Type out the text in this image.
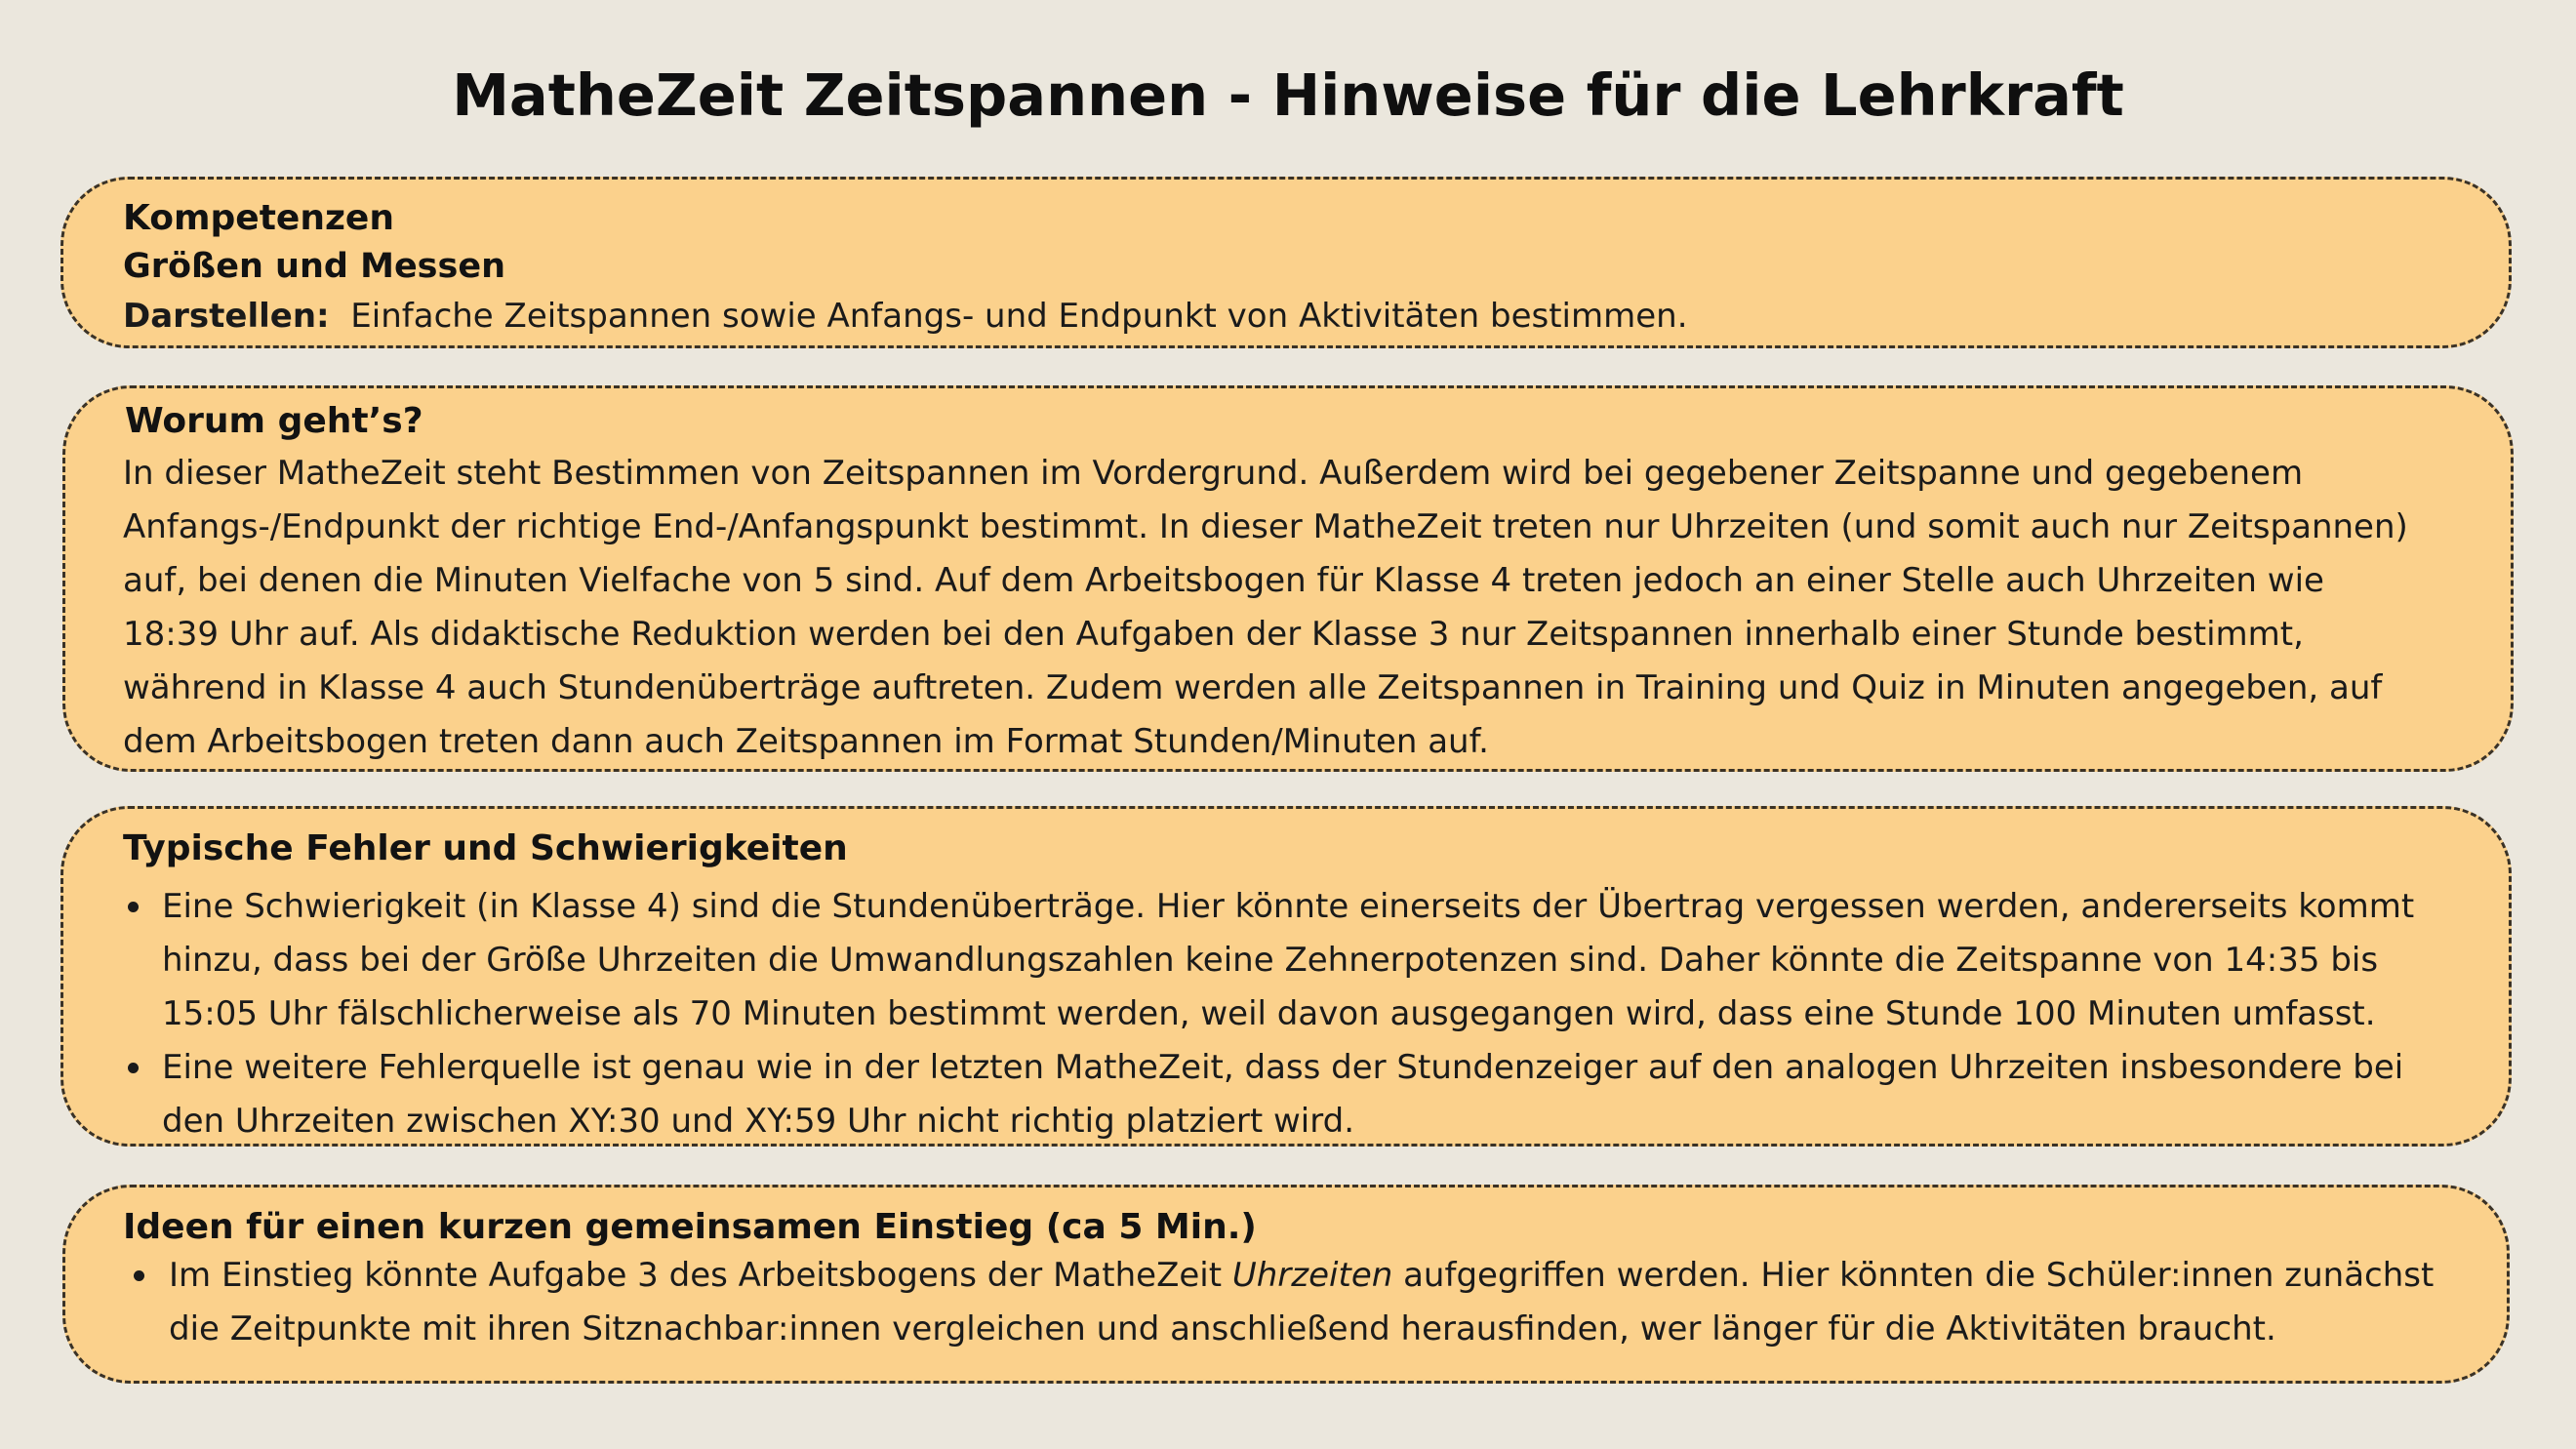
MatheZeit Zeitspannen - Hinweise für die Lehrkraft
Kompetenzen
Größen und Messen
Darstellen: Einfache Zeitspannen sowie Anfangs- und Endpunkt von Aktivitäten bestimmen.
Worum geht’s?
In dieser MatheZeit steht Bestimmen von Zeitspannen im Vordergrund. Außerdem wird bei gegebener Zeitspanne und gegebenem
Anfangs-/Endpunkt der richtige End-/Anfangspunkt bestimmt. In dieser MatheZeit treten nur Uhrzeiten (und somit auch nur Zeitspannen)
auf, bei denen die Minuten Vielfache von 5 sind. Auf dem Arbeitsbogen für Klasse 4 treten jedoch an einer Stelle auch Uhrzeiten wie
18:39 Uhr auf. Als didaktische Reduktion werden bei den Aufgaben der Klasse 3 nur Zeitspannen innerhalb einer Stunde bestimmt,
während in Klasse 4 auch Stundenüberträge auftreten. Zudem werden alle Zeitspannen in Training und Quiz in Minuten angegeben, auf
dem Arbeitsbogen treten dann auch Zeitspannen im Format Stunden/Minuten auf.
Typische Fehler und Schwierigkeiten
Eine Schwierigkeit (in Klasse 4) sind die Stundenüberträge. Hier könnte einerseits der Übertrag vergessen werden, andererseits kommt
hinzu, dass bei der Größe Uhrzeiten die Umwandlungszahlen keine Zehnerpotenzen sind. Daher könnte die Zeitspanne von 14:35 bis
15:05 Uhr fälschlicherweise als 70 Minuten bestimmt werden, weil davon ausgegangen wird, dass eine Stunde 100 Minuten umfasst.
Eine weitere Fehlerquelle ist genau wie in der letzten MatheZeit, dass der Stundenzeiger auf den analogen Uhrzeiten insbesondere bei
den Uhrzeiten zwischen XY:30 und XY:59 Uhr nicht richtig platziert wird.
Ideen für einen kurzen gemeinsamen Einstieg (ca 5 Min.)
Im Einstieg könnte Aufgabe 3 des Arbeitsbogens der MatheZeit Uhrzeiten aufgegriffen werden. Hier könnten die Schüler:innen zunächst
die Zeitpunkte mit ihren Sitznachbar:innen vergleichen und anschließend herausfinden, wer länger für die Aktivitäten braucht.
